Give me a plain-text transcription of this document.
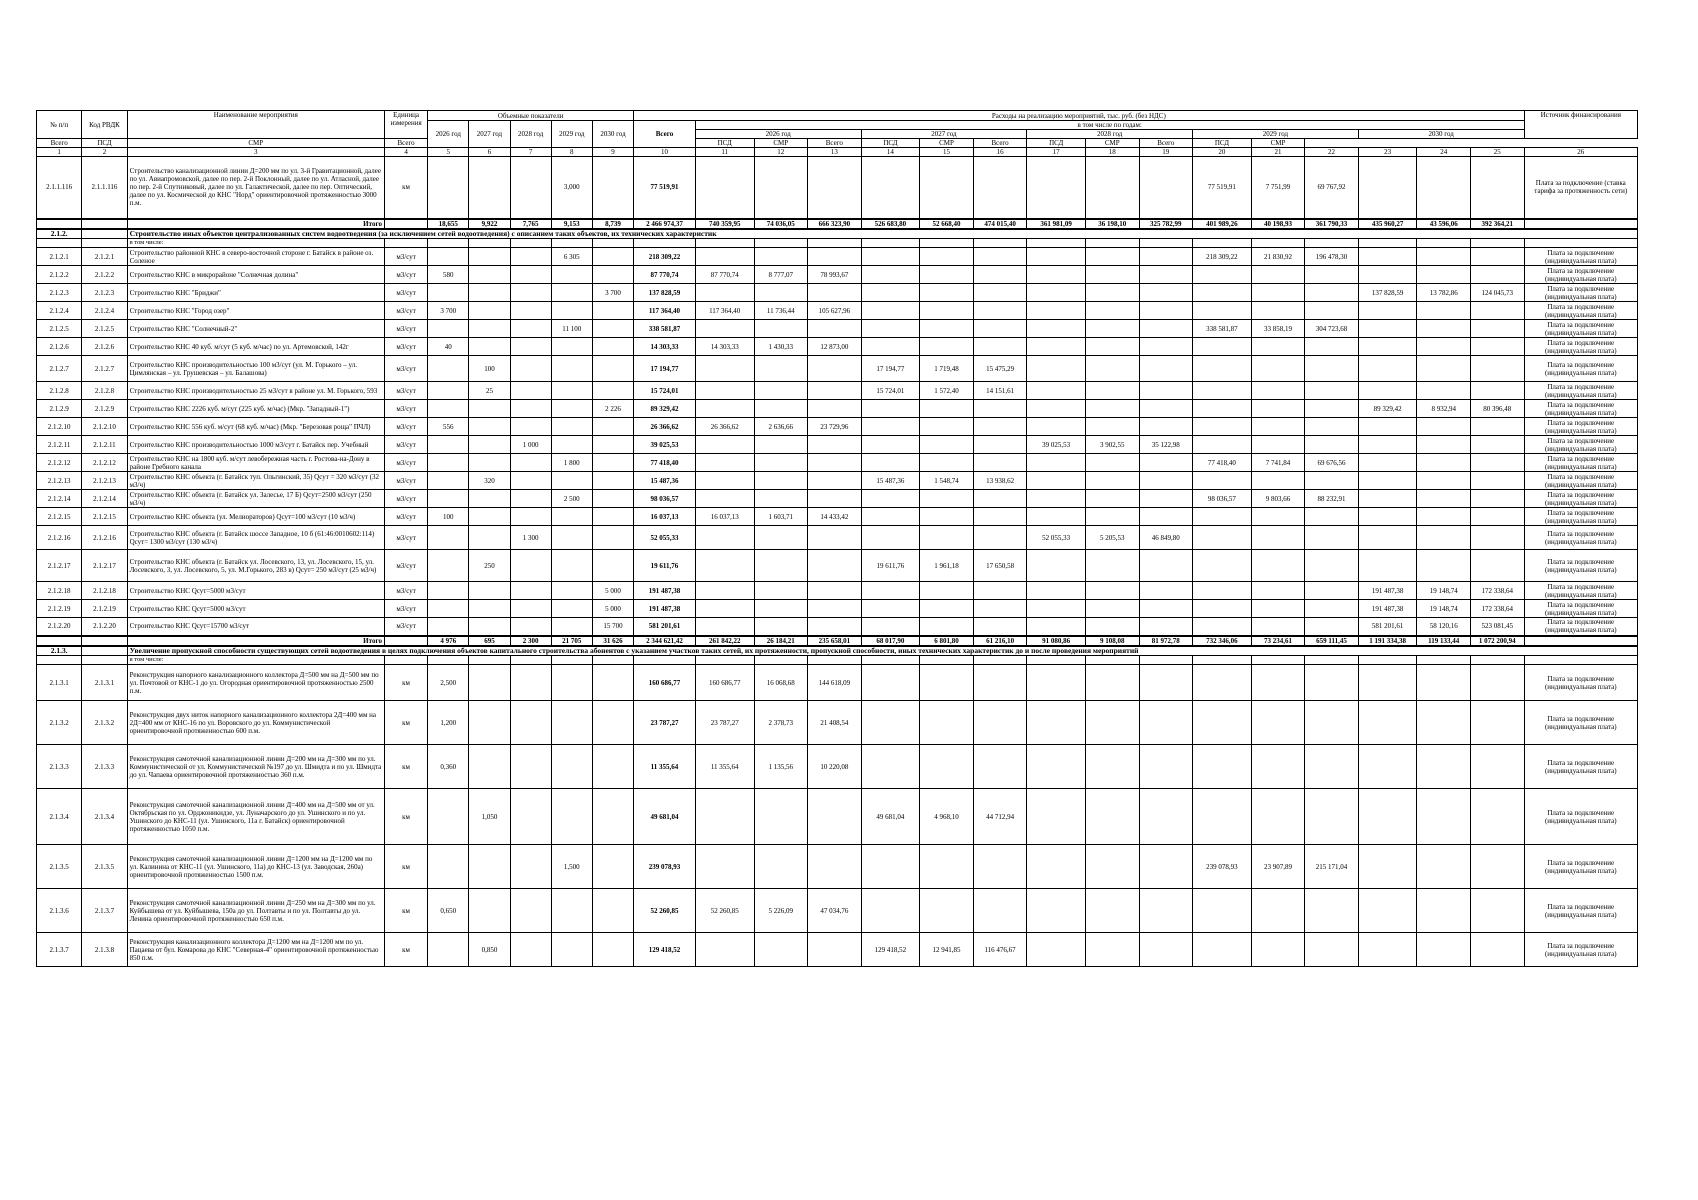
№ п/п	Код РВДК	Наименование мероприятия	Единица измерения	Объемные показатели					Расходы на реализацию мероприятий, тыс. руб. (без НДС)																Источник финансирования
				2026 год	2027 год	2028 год	2029 год	2030 год	Всего	в том числе по годам:															
										2026 год			2027 год			2028 год			2029 год			2030 год			
Всего	ПСД	СМР	Всего							ПСД	СМР	Всего	ПСД	СМР	Всего	ПСД	СМР	Всего	ПСД	СМР					
1	2	3	4	5	6	7	8	9	10	11	12	13	14	15	16	17	18	19	20	21	22	23	24	25	26
2.1.1.116	2.1.1.116	Строительство канализационной линии Д=200 мм по ул. 3-й Гравитационной, далее по ул. Авиапромовской, далее по пер. 2-й Поклонный, далее по ул. Атласной, далее по пер. 2-й Спутниковый, далее по ул. Галактической, далее по пер. Оптический, далее по ул. Космической до КНС "Норд" ориентировочной протяженностью 3000 п.м.	км				3,000		77 519,91										77 519,91	7 751,99	69 767,92				Плата за подключение (ставка тарифа за протяженность сети)
		Итого		18,655	9,922	7,765	9,153	8,739	2 466 974,37	740 359,95	74 036,05	666 323,90	526 683,80	52 668,40	474 015,40	361 981,09	36 198,10	325 782,99	401 989,26	40 198,93	361 790,33	435 960,27	43 596,06	392 364,21	
2.1.2.		Строительство иных объектов централизованных систем водоотведения (за исключением сетей водоотведения) с описанием таких объектов, их технических характеристик																							
		в том числе:																							
2.1.2.1	2.1.2.1	Строительство районной КНС в северо-восточной стороне г. Батайск в районе оз. Соленое	м3/сут				6 305		218 309,22										218 309,22	21 830,92	196 478,30				Плата за подключение (индивидуальная плата)
2.1.2.2	2.1.2.2	Строительство КНС в микрорайоне "Солнечная долина"	м3/сут	580					87 770,74	87 770,74	8 777,07	78 993,67													Плата за подключение (индивидуальная плата)
2.1.2.3	2.1.2.3	Строительство КНС "Бриджи"	м3/сут					3 700	137 828,59													137 828,59	13 782,86	124 045,73	Плата за подключение (индивидуальная плата)
2.1.2.4	2.1.2.4	Строительство КНС "Город озер"	м3/сут	3 700					117 364,40	117 364,40	11 736,44	105 627,96													Плата за подключение (индивидуальная плата)
2.1.2.5	2.1.2.5	Строительство КНС "Солнечный-2"	м3/сут				11 100		338 581,87										338 581,87	33 858,19	304 723,68				Плата за подключение (индивидуальная плата)
2.1.2.6	2.1.2.6	Строительство КНС 40 куб. м/сут (5 куб. м/час) по ул. Артемовской, 142г	м3/сут	40					14 303,33	14 303,33	1 430,33	12 873,00													Плата за подключение (индивидуальная плата)
2.1.2.7	2.1.2.7	Строительство КНС производительностью 100 м3/сут (ул. М. Горького – ул. Цимлянская – ул. Грушевская – ул. Балашова)	м3/сут		100				17 194,77				17 194,77	1 719,48	15 475,29										Плата за подключение (индивидуальная плата)
2.1.2.8	2.1.2.8	Строительство КНС производительностью 25 м3/сут в районе ул. М. Горького, 593	м3/сут		25				15 724,01				15 724,01	1 572,40	14 151,61										Плата за подключение (индивидуальная плата)
2.1.2.9	2.1.2.9	Строительство КНС 2226 куб. м/сут (225 куб. м/час) (Мкр. "Западный-1")	м3/сут					2 226	89 329,42													89 329,42	8 932,94	80 396,48	Плата за подключение (индивидуальная плата)
2.1.2.10	2.1.2.10	Строительство КНС 556 куб. м/сут (68 куб. м/час) (Мкр. "Березовая роща" ПЧЛ)	м3/сут	556					26 366,62	26 366,62	2 636,66	23 729,96													Плата за подключение (индивидуальная плата)
2.1.2.11	2.1.2.11	Строительство КНС производительностью 1000 м3/сут г. Батайск пер. Учебный	м3/сут			1 000			39 025,53							39 025,53	3 902,55	35 122,98							Плата за подключение (индивидуальная плата)
2.1.2.12	2.1.2.12	Строительство КНС на 1800 куб. м/сут левобережная часть г. Ростова-на-Дону в районе Гребного канала	м3/сут				1 800		77 418,40										77 418,40	7 741,84	69 676,56				Плата за подключение (индивидуальная плата)
2.1.2.13	2.1.2.13	Строительство КНС объекта (г. Батайск туп. Ольгинский, 35) Qсут = 320 м3/сут (32 м3/ч)	м3/сут		320				15 487,36				15 487,36	1 548,74	13 938,62										Плата за подключение (индивидуальная плата)
2.1.2.14	2.1.2.14	Строительство КНС объекта (г. Батайск ул. Залесье, 17 Б) Qсут=2500 м3/сут (250 м3/ч)	м3/сут				2 500		98 036,57										98 036,57	9 803,66	88 232,91				Плата за подключение (индивидуальная плата)
2.1.2.15	2.1.2.15	Строительство КНС объекта (ул. Мелиораторов) Qсут=100 м3/сут (10 м3/ч)	м3/сут	100					16 037,13	16 037,13	1 603,71	14 433,42													Плата за подключение (индивидуальная плата)
2.1.2.16	2.1.2.16	Строительство КНС объекта (г. Батайск шоссе Западное, 10 б (61:46:0010602:114) Qсут= 1300 м3/сут (130 м3/ч)	м3/сут			1 300			52 055,33							52 055,33	5 205,53	46 849,80							Плата за подключение (индивидуальная плата)
2.1.2.17	2.1.2.17	Строительство КНС объекта (г. Батайск ул. Лосевского, 13, ул. Лосевского, 15, ул. Лосевского, 3, ул. Лосевского, 5, ул. М.Горького, 283 в) Qсут= 250 м3/сут (25 м3/ч)	м3/сут		250				19 611,76				19 611,76	1 961,18	17 650,58										Плата за подключение (индивидуальная плата)
2.1.2.18	2.1.2.18	Строительство КНС Qсут=5000 м3/сут	м3/сут					5 000	191 487,38													191 487,38	19 148,74	172 338,64	Плата за подключение (индивидуальная плата)
2.1.2.19	2.1.2.19	Строительство КНС Qсут=5000 м3/сут	м3/сут					5 000	191 487,38													191 487,38	19 148,74	172 338,64	Плата за подключение (индивидуальная плата)
2.1.2.20	2.1.2.20	Строительство КНС Qсут=15700 м3/сут	м3/сут					15 700	581 201,61													581 201,61	58 120,16	523 081,45	Плата за подключение (индивидуальная плата)
		Итого		4 976	695	2 300	21 705	31 626	2 344 621,42	261 842,22	26 184,21	235 658,01	68 017,90	6 801,80	61 216,10	91 080,86	9 108,08	81 972,78	732 346,06	73 234,61	659 111,45	1 191 334,38	119 133,44	1 072 200,94	
2.1.3.		Увеличение пропускной способности существующих сетей водоотведения в целях подключения объектов капитального строительства абонентов с указанием участков таких сетей, их протяженности, пропускной способности, иных технических характеристик до и после проведения мероприятий																							
		в том числе:																							
2.1.3.1	2.1.3.1	Реконструкция напорного канализационного коллектора Д=500 мм на Д=500 мм по ул. Почтовой от КНС-1 до ул. Огородная ориентировочной протяженностью 2500 п.м.	км	2,500					160 686,77	160 686,77	16 068,68	144 618,09													Плата за подключение (индивидуальная плата)
2.1.3.2	2.1.3.2	Реконструкция двух ниток напорного канализационного коллектора 2Д=400 мм на 2Д=400 мм от КНС-16 по ул. Воровского до ул. Коммунистической ориентировочной протяженностью 600 п.м.	км	1,200					23 787,27	23 787,27	2 378,73	21 408,54													Плата за подключение (индивидуальная плата)
2.1.3.3	2.1.3.3	Реконструкция самотечной канализационной линии Д=200 мм на Д=300 мм по ул. Коммунистической от ул. Коммунистической №197 до ул. Шмидта и по ул. Шмидта до ул. Чапаева ориентировочной протяженностью 360 п.м.	км	0,360					11 355,64	11 355,64	1 135,56	10 220,08													Плата за подключение (индивидуальная плата)
2.1.3.4	2.1.3.4	Реконструкция самотечной канализационной линии Д=400 мм на Д=500 мм от ул. Октябрьская по ул. Орджоникидзе, ул. Луначарского до ул. Ушинского и по ул. Ушинского до КНС-11 (ул. Ушинского, 11а г. Батайск) ориентировочной протяженностью 1050 п.м.	км		1,050				49 681,04				49 681,04	4 968,10	44 712,94										Плата за подключение (индивидуальная плата)
2.1.3.5	2.1.3.5	Реконструкция самотечной канализационной линии Д=1200 мм на Д=1200 мм по ул. Калинина от КНС-11 (ул. Ушинского, 11а) до КНС-13 (ул. Заводская, 260а) ориентировочной протяженностью 1500 п.м.	км				1,500		239 078,93										239 078,93	23 907,89	215 171,04				Плата за подключение (индивидуальная плата)
2.1.3.6	2.1.3.7	Реконструкция самотечной канализационной линии Д=250 мм на Д=300 мм по ул. Куйбышева от ул. Куйбышева, 150а до ул. Полтавты и по ул. Полтавты до ул. Ленина ориентировочной протяженностью 650 п.м.	км	0,650					52 260,85	52 260,85	5 226,09	47 034,76													Плата за подключение (индивидуальная плата)
2.1.3.7	2.1.3.8	Реконструкция канализационного коллектора Д=1200 мм на Д=1200 мм по ул. Пацаева от бул. Комарова до КНС "Северная-4" ориентировочной протяженностью 850 п.м.	км		0,850				129 418,52				129 418,52	12 941,85	116 476,67										Плата за подключение (индивидуальная плата)
